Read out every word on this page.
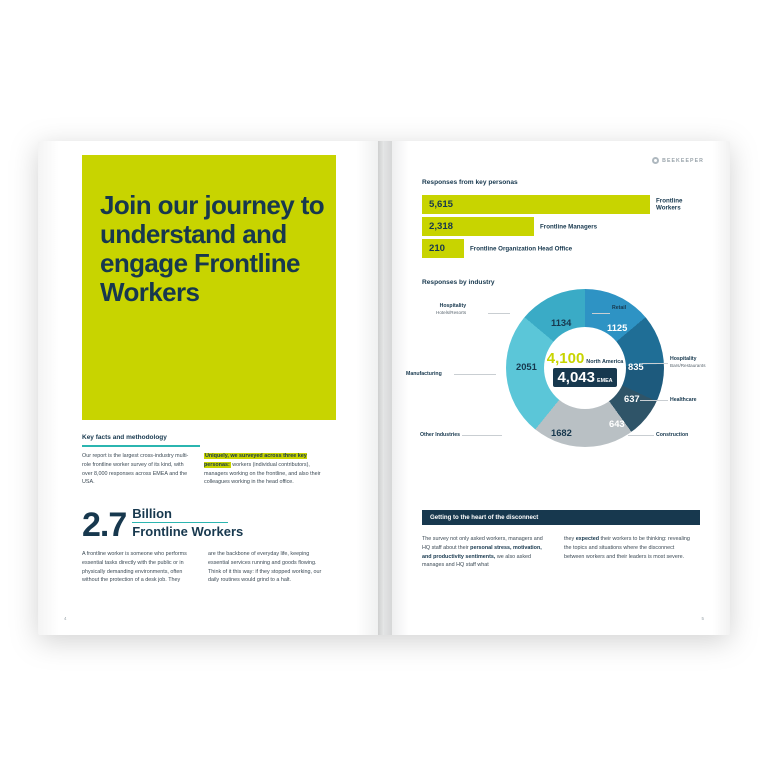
Join our journey to understand and engage Frontline Workers
Key facts and methodology
Our report is the largest cross-industry multi-role frontline worker survey of its kind, with over 8,000 responses across EMEA and the USA.
Uniquely, we surveyed across three key personas: workers (individual contributors), managers working on the frontline, and also their colleagues working in the head office.
2.7 Billion
Frontline Workers
A frontline worker is someone who performs essential tasks directly with the public or in physically demanding environments, often without the protection of a desk job. They
are the backbone of everyday life, keeping essential services running and goods flowing. Think of it this way: if they stopped working, our daily routines would grind to a halt.
4
BEEKEEPER
Responses from key personas
5,615	Frontline Workers
2,318	Frontline Managers
210	Frontline Organization Head Office
Responses by industry
4,100 North America
4,043 EMEA
1125
835
637
643
1682
2051
1134
Retail
Hospitality
Bars/Restaurants
Healthcare
Construction
Other Industries
Manufacturing
Hospitality
Hotels/Resorts
Getting to the heart of the disconnect
The survey not only asked workers, managers and HQ staff about their personal stress, motivation, and productivity sentiments, we also asked manages and HQ staff what
they expected their workers to be thinking: revealing the topics and situations where the disconnect between workers and their leaders is most severe.
5
